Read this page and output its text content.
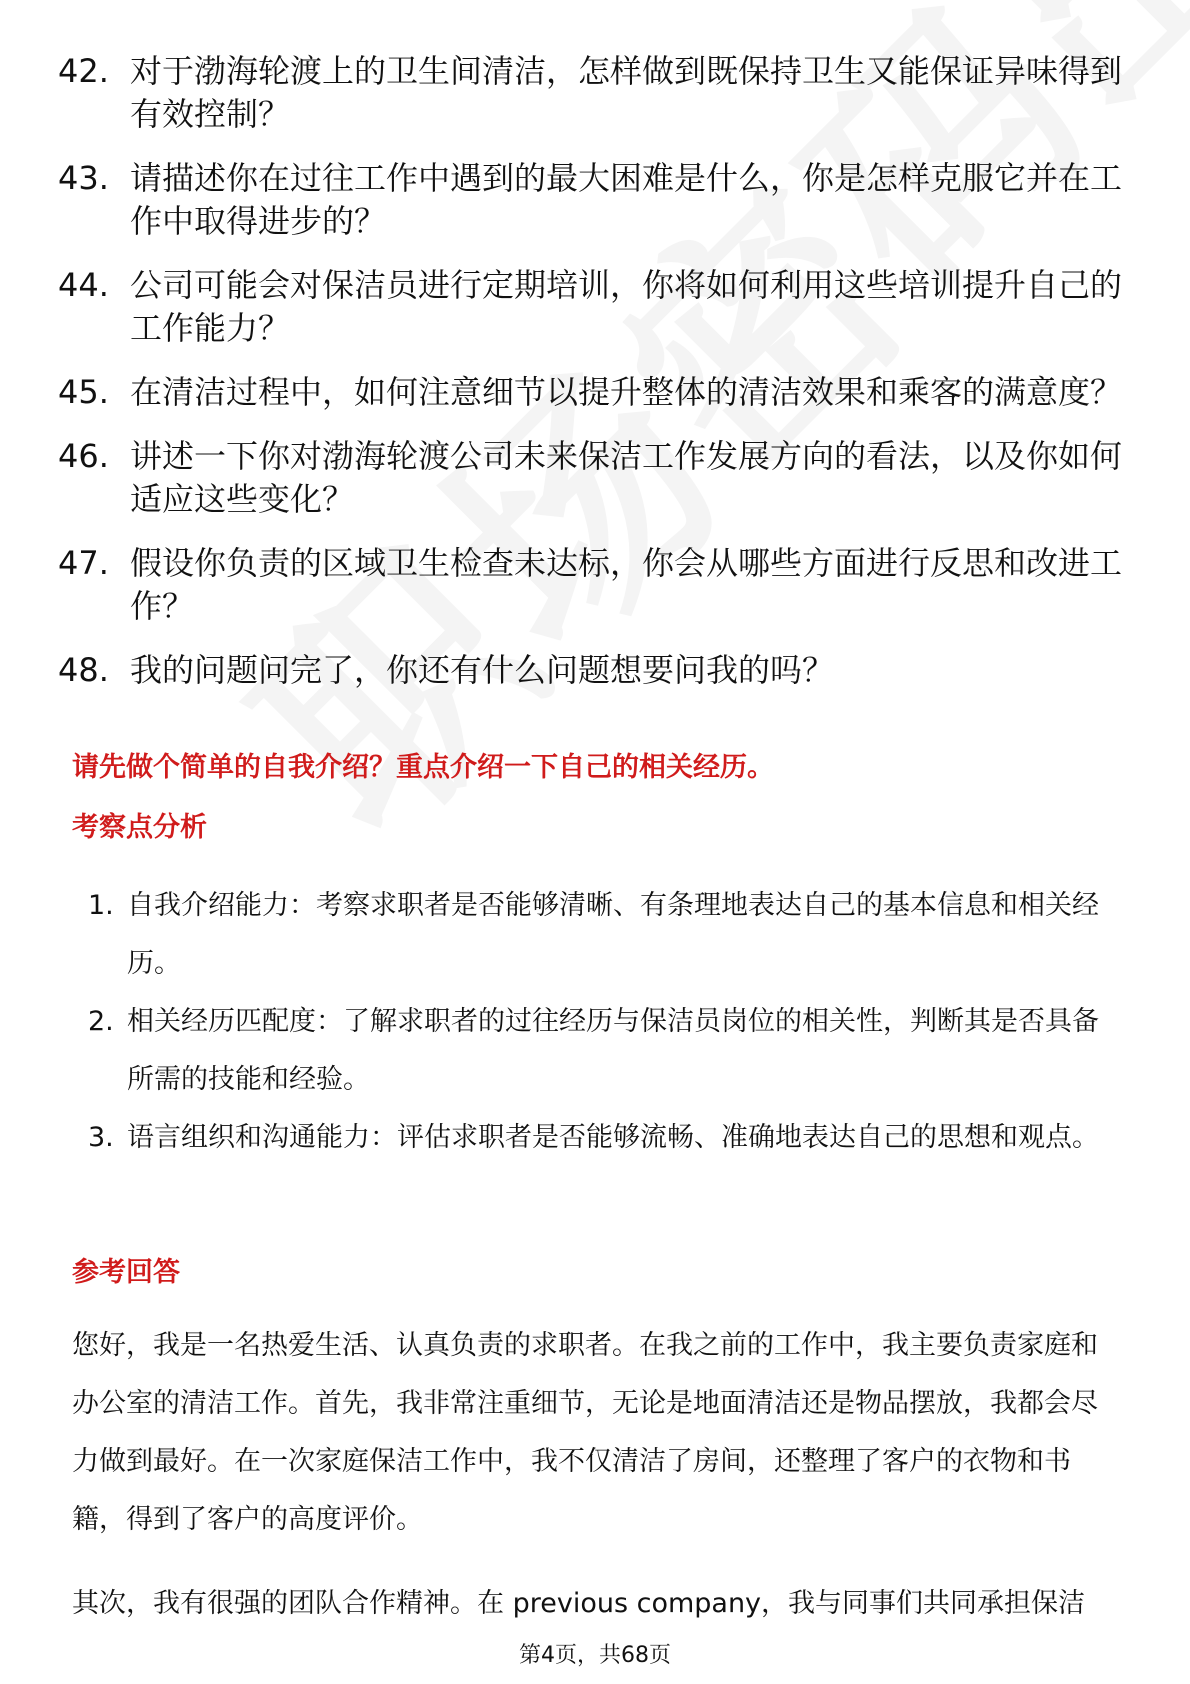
42. 对于渤海轮渡上的卫生间清洁，怎样做到既保持卫生又能保证异味得到有效控制？
43. 请描述你在过往工作中遇到的最大困难是什么，你是怎样克服它并在工作中取得进步的？
44. 公司可能会对保洁员进行定期培训，你将如何利用这些培训提升自己的工作能力？
45. 在清洁过程中，如何注意细节以提升整体的清洁效果和乘客的满意度？
46. 讲述一下你对渤海轮渡公司未来保洁工作发展方向的看法，以及你如何适应这些变化？
47. 假设你负责的区域卫生检查未达标，你会从哪些方面进行反思和改进工作？
48. 我的问题问完了，你还有什么问题想要问我的吗？
请先做个简单的自我介绍？重点介绍一下自己的相关经历。
考察点分析
1. 自我介绍能力：考察求职者是否能够清晰、有条理地表达自己的基本信息和相关经历。
2. 相关经历匹配度：了解求职者的过往经历与保洁员岗位的相关性，判断其是否具备所需的技能和经验。
3. 语言组织和沟通能力：评估求职者是否能够流畅、准确地表达自己的思想和观点。
参考回答

您好，我是一名热爱生活、认真负责的求职者。在我之前的工作中，我主要负责家庭和办公室的清洁工作。首先，我非常注重细节，无论是地面清洁还是物品摆放，我都会尽力做到最好。在一次家庭保洁工作中，我不仅清洁了房间，还整理了客户的衣物和书籍，得到了客户的高度评价。

其次，我有很强的团队合作精神。在 previous company，我与同事们共同承担保洁

第4页，共68页
